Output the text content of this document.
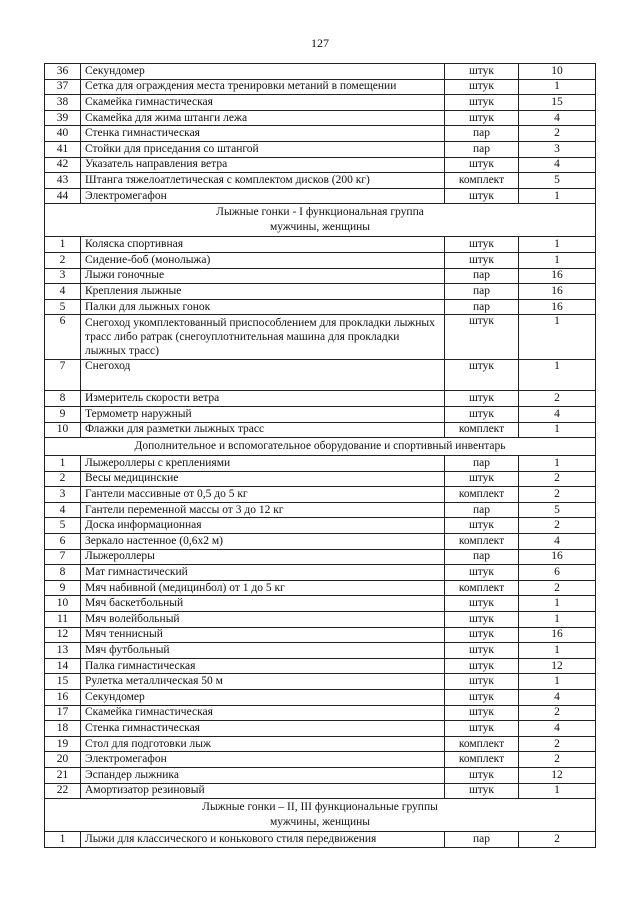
127
36	Секундомер	штук	10
37	Сетка для ограждения места тренировки метаний в помещении	штук	1
38	Скамейка гимнастическая	штук	15
39	Скамейка для жима штанги лежа	штук	4
40	Стенка гимнастическая	пар	2
41	Стойки для приседания со штангой	пар	3
42	Указатель направления ветра	штук	4
43	Штанга тяжелоатлетическая с комплектом дисков (200 кг)	комплект	5
44	Электромегафон	штук	1

Лыжные гонки - I функциональная группа
мужчины, женщины			

1	Коляска спортивная	штук	1
2	Сидение-боб (монолыжа)	штук	1
3	Лыжи гоночные	пар	16
4	Крепления лыжные	пар	16
5	Палки для лыжных гонок	пар	16
6	Снегоход укомплектованный приспособлением для прокладки лыжных трасс либо ратрак (снегоуплотнительная машина для прокладки лыжных трасс)	штук	1
7	Снегоход	штук	1
8	Измеритель скорости ветра	штук	2
9	Термометр наружный	штук	4
10	Флажки для разметки лыжных трасс	комплект	1

Дополнительное и вспомогательное оборудование и спортивный инвентарь			

1	Лыжероллеры с креплениями	пар	1
2	Весы медицинские	штук	2
3	Гантели массивные от 0,5 до 5 кг	комплект	2
4	Гантели переменной массы от 3 до 12 кг	пар	5
5	Доска информационная	штук	2
6	Зеркало настенное (0,6х2 м)	комплект	4
7	Лыжероллеры	пар	16
8	Мат гимнастический	штук	6
9	Мяч набивной (медицинбол) от 1 до 5 кг	комплект	2
10	Мяч баскетбольный	штук	1
11	Мяч волейбольный	штук	1
12	Мяч теннисный	штук	16
13	Мяч футбольный	штук	1
14	Палка гимнастическая	штук	12
15	Рулетка металлическая 50 м	штук	1
16	Секундомер	штук	4
17	Скамейка гимнастическая	штук	2
18	Стенка гимнастическая	штук	4
19	Стол для подготовки лыж	комплект	2
20	Электромегафон	комплект	2
21	Эспандер лыжника	штук	12
22	Амортизатор резиновый	штук	1

Лыжные гонки – II, III функциональные группы
мужчины, женщины			

1	Лыжи для классического и конькового стиля передвижения	пар	2
